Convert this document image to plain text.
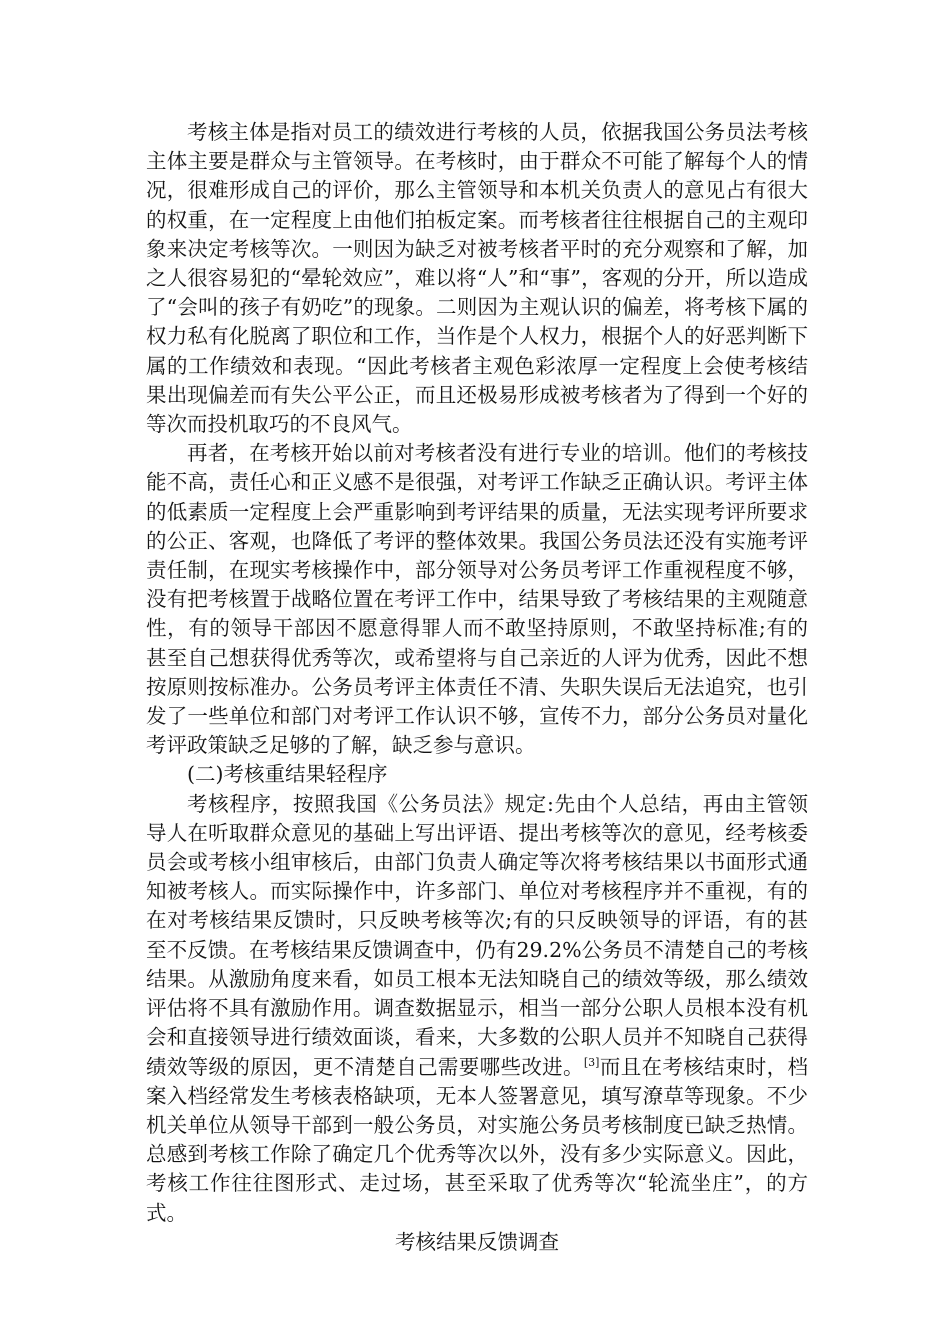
考核主体是指对员工的绩效进行考核的人员，依据我国公务员法考核主体主要是群众与主管领导。在考核时，由于群众不可能了解每个人的情况，很难形成自己的评价，那么主管领导和本机关负责人的意见占有很大的权重，在一定程度上由他们拍板定案。而考核者往往根据自己的主观印象来决定考核等次。一则因为缺乏对被考核者平时的充分观察和了解，加之人很容易犯的“晕轮效应”，难以将“人”和“事”，客观的分开，所以造成了“会叫的孩子有奶吃”的现象。二则因为主观认识的偏差，将考核下属的权力私有化脱离了职位和工作，当作是个人权力，根据个人的好恶判断下属的工作绩效和表现。“因此考核者主观色彩浓厚一定程度上会使考核结果出现偏差而有失公平公正，而且还极易形成被考核者为了得到一个好的等次而投机取巧的不良风气。

再者，在考核开始以前对考核者没有进行专业的培训。他们的考核技能不高，责任心和正义感不是很强，对考评工作缺乏正确认识。考评主体的低素质一定程度上会严重影响到考评结果的质量，无法实现考评所要求的公正、客观，也降低了考评的整体效果。我国公务员法还没有实施考评责任制，在现实考核操作中，部分领导对公务员考评工作重视程度不够，没有把考核置于战略位置在考评工作中，结果导致了考核结果的主观随意性，有的领导干部因不愿意得罪人而不敢坚持原则，不敢坚持标准;有的甚至自己想获得优秀等次，或希望将与自己亲近的人评为优秀，因此不想按原则按标准办。公务员考评主体责任不清、失职失误后无法追究，也引发了一些单位和部门对考评工作认识不够，宣传不力，部分公务员对量化考评政策缺乏足够的了解，缺乏参与意识。

(二)考核重结果轻程序

考核程序，按照我国《公务员法》规定:先由个人总结，再由主管领导人在听取群众意见的基础上写出评语、提出考核等次的意见，经考核委员会或考核小组审核后，由部门负责人确定等次将考核结果以书面形式通知被考核人。而实际操作中，许多部门、单位对考核程序并不重视，有的在对考核结果反馈时，只反映考核等次;有的只反映领导的评语，有的甚至不反馈。在考核结果反馈调查中，仍有29.2%公务员不清楚自己的考核结果。从激励角度来看，如员工根本无法知晓自己的绩效等级，那么绩效评估将不具有激励作用。调查数据显示，相当一部分公职人员根本没有机会和直接领导进行绩效面谈，看来，大多数的公职人员并不知晓自己获得绩效等级的原因，更不清楚自己需要哪些改进。[3]而且在考核结束时，档案入档经常发生考核表格缺项，无本人签署意见，填写潦草等现象。不少机关单位从领导干部到一般公务员，对实施公务员考核制度已缺乏热情。总感到考核工作除了确定几个优秀等次以外，没有多少实际意义。因此，考核工作往往图形式、走过场，甚至采取了优秀等次“轮流坐庄”，的方式。

考核结果反馈调查
